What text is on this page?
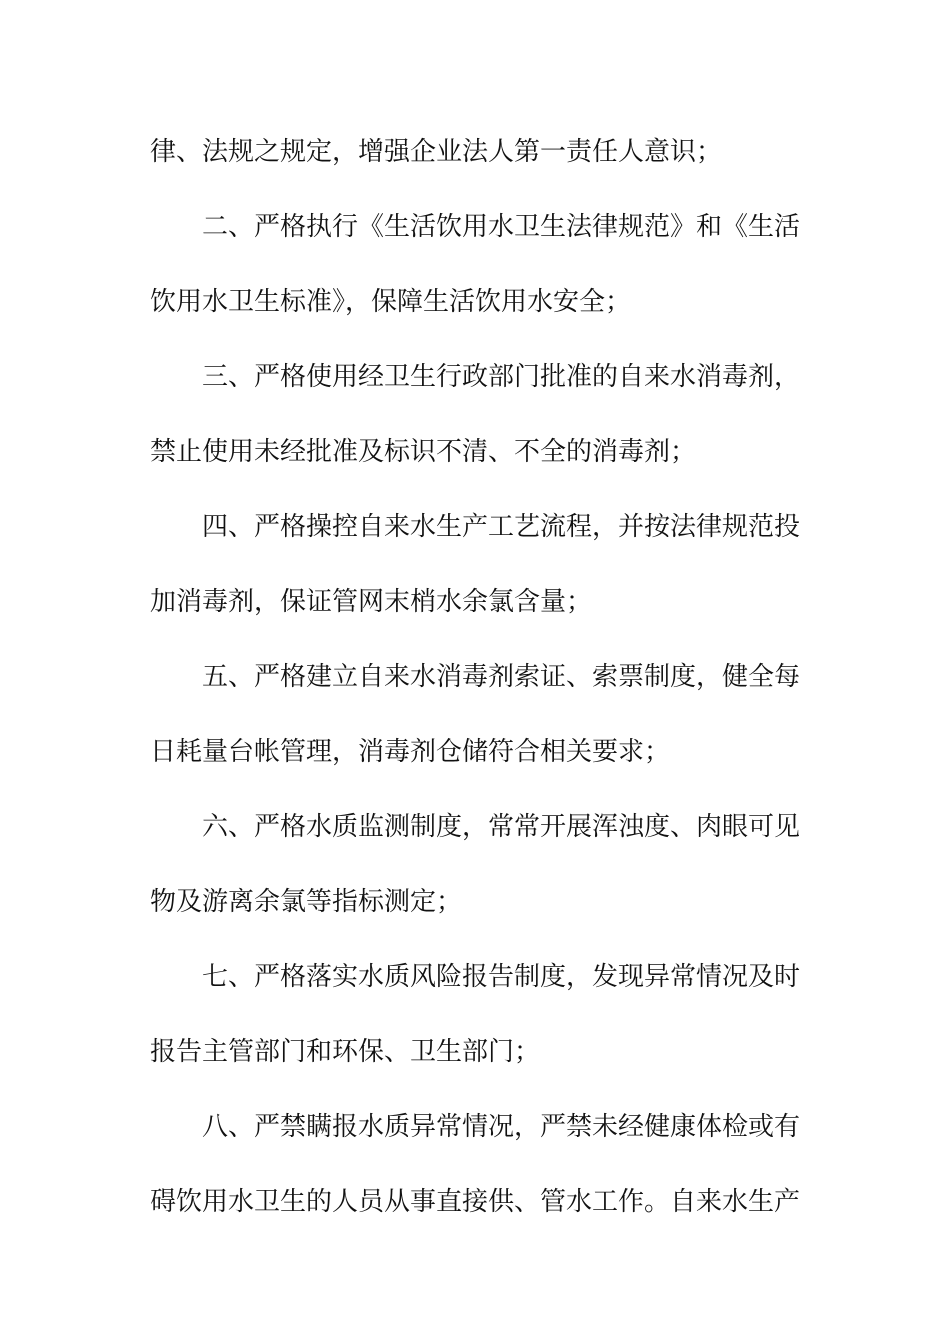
律、法规之规定，增强企业法人第一责任人意识；
二、严格执行《生活饮用水卫生法律规范》和《生活
饮用水卫生标准》，保障生活饮用水安全；
三、严格使用经卫生行政部门批准的自来水消毒剂，
禁止使用未经批准及标识不清、不全的消毒剂；
四、严格操控自来水生产工艺流程，并按法律规范投
加消毒剂，保证管网末梢水余氯含量；
五、严格建立自来水消毒剂索证、索票制度，健全每
日耗量台帐管理，消毒剂仓储符合相关要求；
六、严格水质监测制度，常常开展浑浊度、肉眼可见
物及游离余氯等指标测定；
七、严格落实水质风险报告制度，发现异常情况及时
报告主管部门和环保、卫生部门；
八、严禁瞒报水质异常情况，严禁未经健康体检或有
碍饮用水卫生的人员从事直接供、管水工作。自来水生产
